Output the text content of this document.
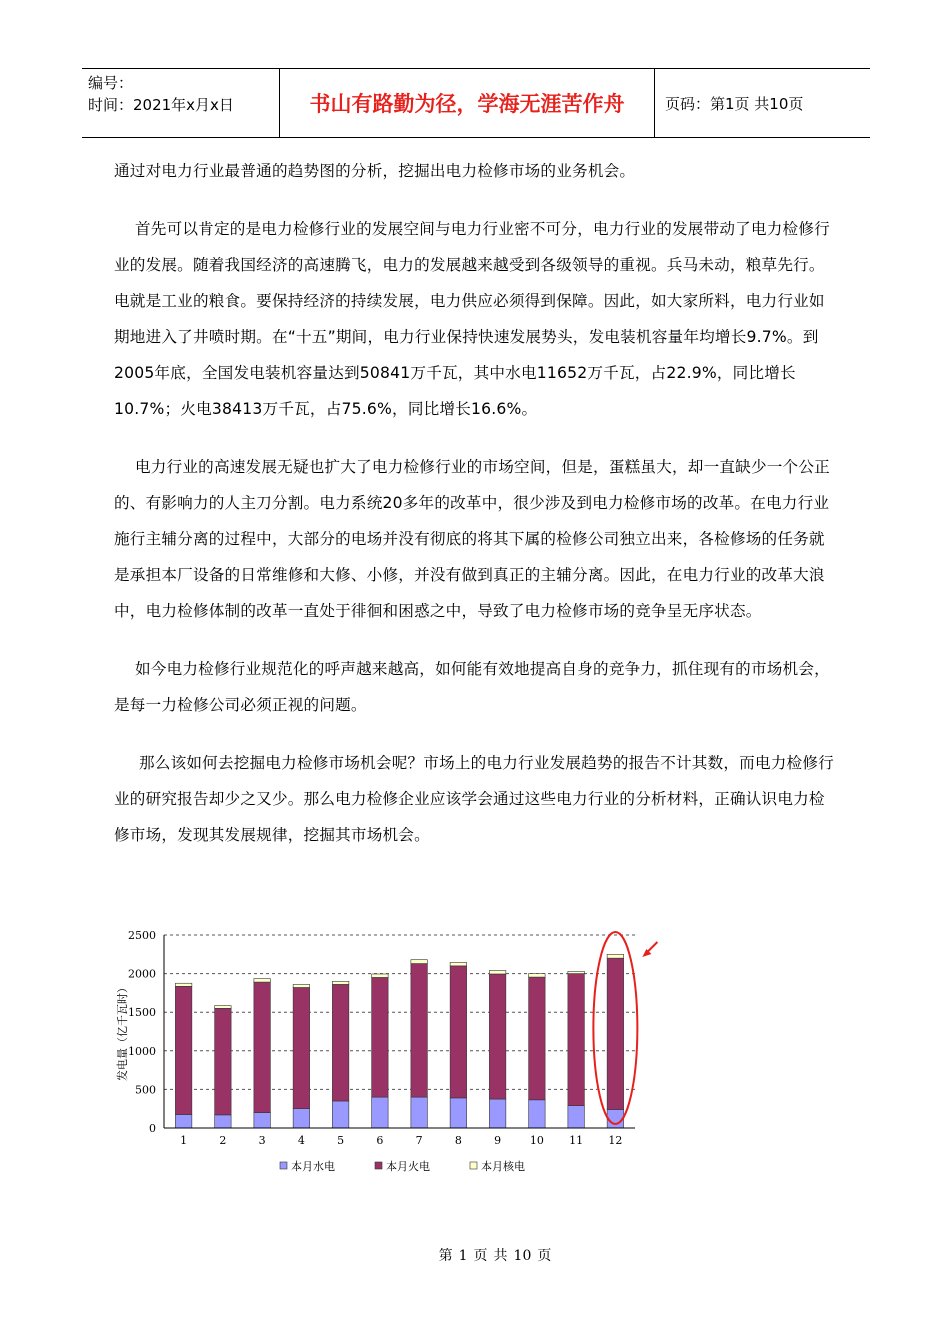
编号：
时间：2021年x月x日	书山有路勤为径，学海无涯苦作舟	页码：第1页 共10页

通过对电力行业最普通的趋势图的分析，挖掘出电力检修市场的业务机会。

首先可以肯定的是电力检修行业的发展空间与电力行业密不可分，电力行业的发展带动了电力检修行业的发展。随着我国经济的高速腾飞，电力的发展越来越受到各级领导的重视。兵马未动，粮草先行。电就是工业的粮食。要保持经济的持续发展，电力供应必须得到保障。因此，如大家所料，电力行业如期地进入了井喷时期。在“十五”期间，电力行业保持快速发展势头，发电装机容量年均增长9.7%。到2005年底，全国发电装机容量达到50841万千瓦，其中水电11652万千瓦，占22.9%，同比增长10.7%；火电38413万千瓦，占75.6%，同比增长16.6%。

电力行业的高速发展无疑也扩大了电力检修行业的市场空间，但是，蛋糕虽大，却一直缺少一个公正的、有影响力的人主刀分割。电力系统20多年的改革中，很少涉及到电力检修市场的改革。在电力行业施行主辅分离的过程中，大部分的电场并没有彻底的将其下属的检修公司独立出来，各检修场的任务就是承担本厂设备的日常维修和大修、小修，并没有做到真正的主辅分离。因此，在电力行业的改革大浪中，电力检修体制的改革一直处于徘徊和困惑之中，导致了电力检修市场的竞争呈无序状态。

如今电力检修行业规范化的呼声越来越高，如何能有效地提高自身的竞争力，抓住现有的市场机会，是每一力检修公司必须正视的问题。

那么该如何去挖掘电力检修市场机会呢？市场上的电力行业发展趋势的报告不计其数，而电力检修行业的研究报告却少之又少。那么电力检修企业应该学会通过这些电力行业的分析材料，正确认识电力检修市场，发现其发展规律，挖掘其市场机会。

0
500
1000
1500
2000
2500
1	2	3	4	5	6	7	8	9	10 11 12
本月水电	本月火电	本月核电
发电量（亿千瓦时）
第 1 页 共 10 页
